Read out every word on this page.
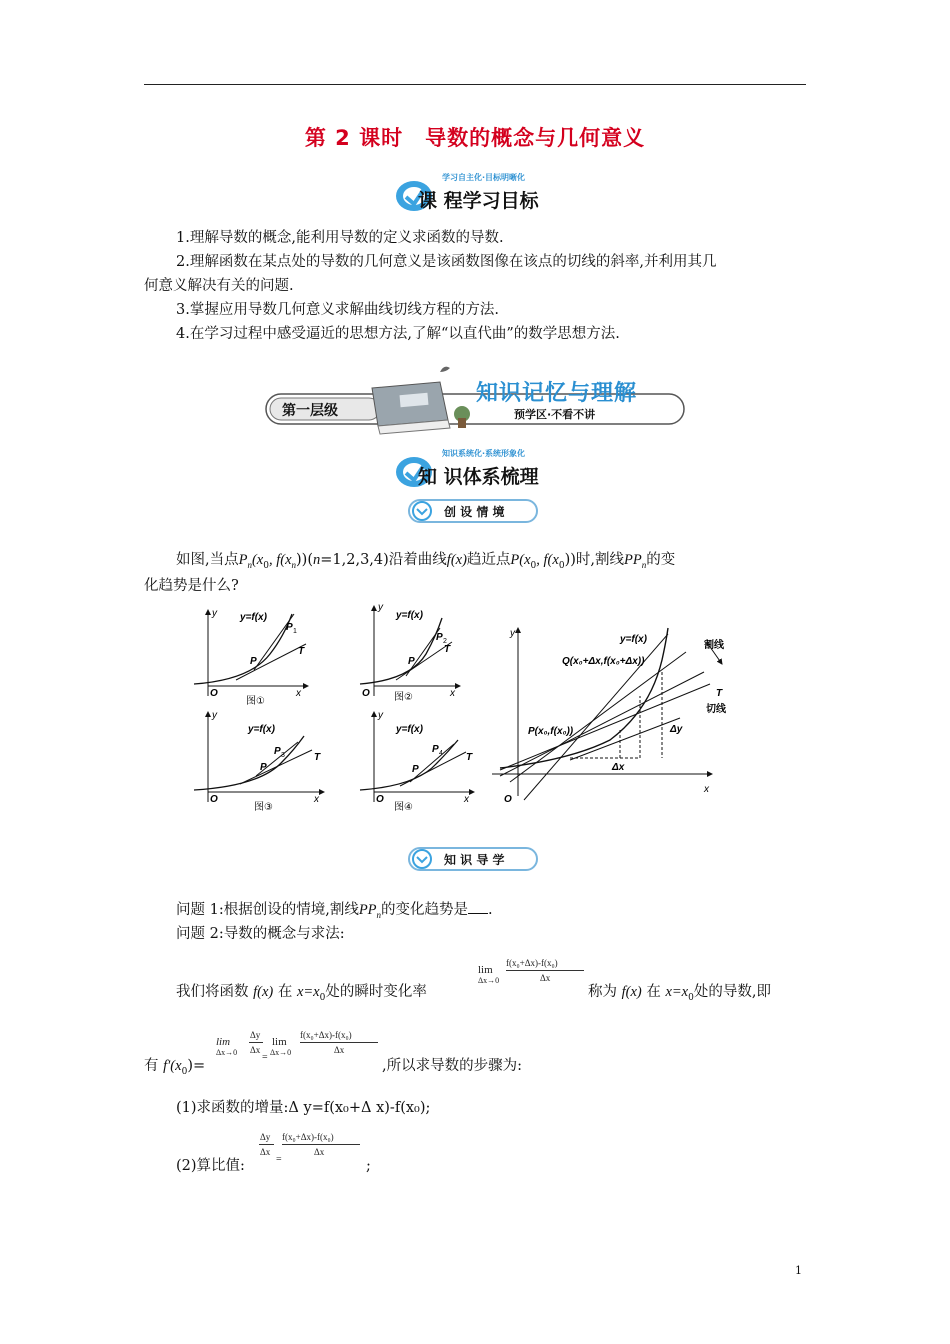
第 2 课时　导数的概念与几何意义
学习自主化·目标明晰化
课 程学习目标
1.理解导数的概念,能利用导数的定义求函数的导数.
2.理解函数在某点处的导数的几何意义是该函数图像在该点的切线的斜率,并利用其几
何意义解决有关的问题.
3.掌握应用导数几何意义求解曲线切线方程的方法.
4.在学习过程中感受逼近的思想方法,了解“以直代曲”的数学思想方法.
第一层级
知识记忆与理解
预学区·不看不讲
知识系统化·系统形象化
知 识体系梳理
创 设 情 境
如图,当点$P_n(x_0$, $f(x_n))(n=1,2,3,4)$沿着曲线f(x)趋近点$P(x_0$, $f(x_0)$)时,割线$PP_n$的变
化趋势是什么?
y=f(x)
P 1
P
T
O	x
y
图①
y=f(x)
P 2
P
T
O	x
y
图②
y=f(x)
P 3
P
T
O	x
y
图③
y=f(x)
P 4
P
T
O	x
y
图④
y=f(x)
割线
Q(x₀+Δx,f(x₀+Δx))
T
切线
P(x₀,f(x₀))	Δy
Δx
O
x
y
知 识 导 学
问题 1:根据创设的情境,割线$PP_n$的变化趋势是 .
问题 2:导数的概念与求法:
我们将函数 f(x) 在 $x=x_0$处的瞬时变化率
lim
Δx→0
f(x₀+Δx)-f(x₀)
Δx
称为 f(x) 在 $x=x_0$处的导数,即
有 $f'(x_0)=$
lim
Δx→0
Δy
Δx
=
lim
Δx→0
f(x₀+Δx)-f(x₀)
Δx
,所以求导数的步骤为:
(1)求函数的增量:Δ y=f(x₀+Δ x)-f(x₀);
(2)算比值:
Δy
Δx
=
f(x₀+Δx)-f(x₀)
Δx
;
1
